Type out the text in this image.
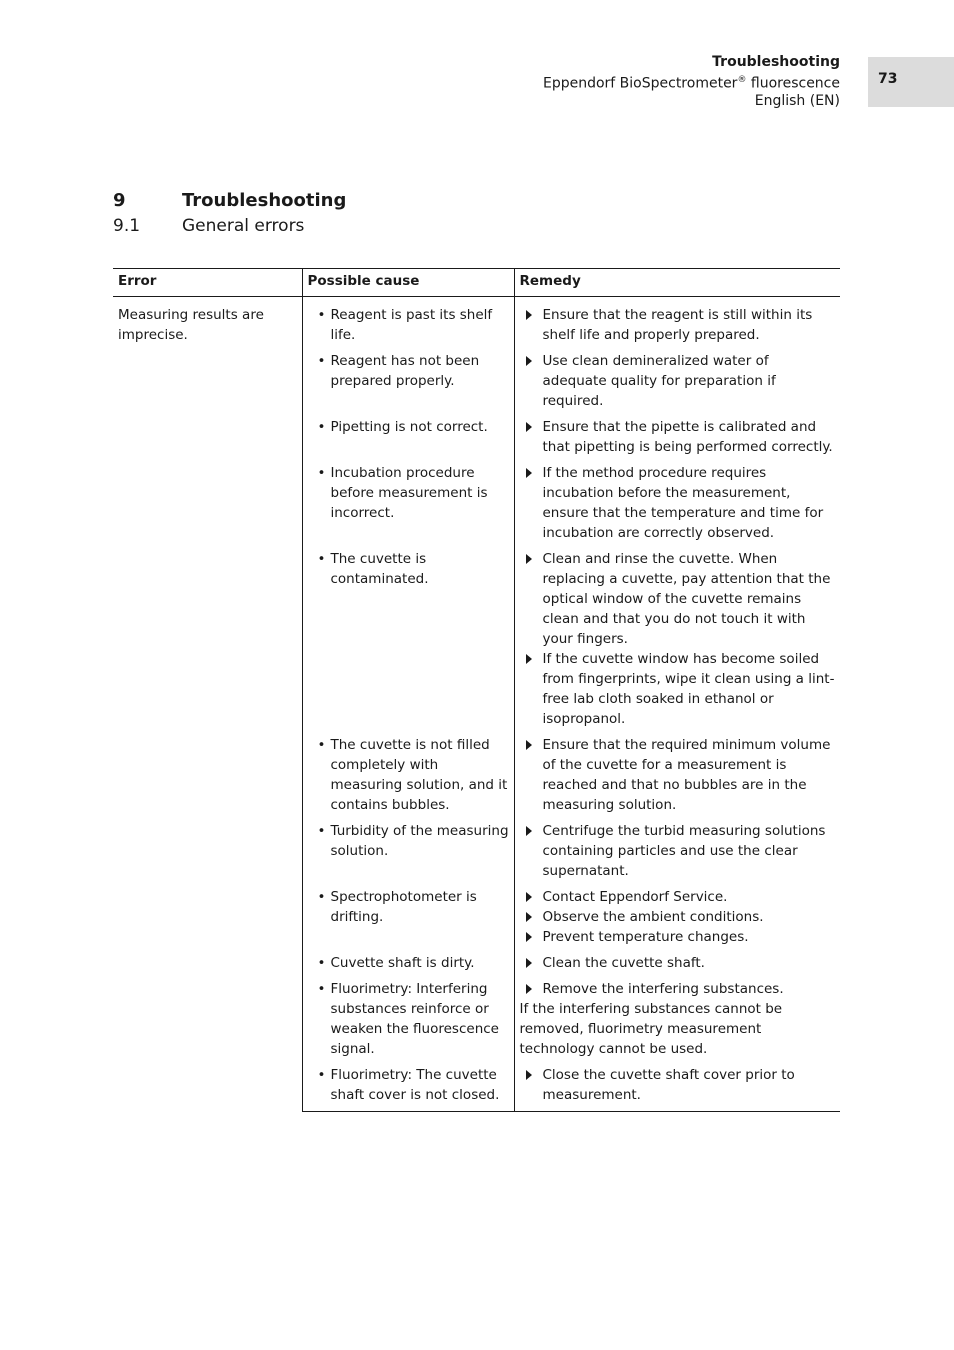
Troubleshooting
Eppendorf BioSpectrometer® fluorescence
English (EN)
73
9	Troubleshooting
9.1 General errors
Error	Possible cause	Remedy
Measuring results are imprecise.	• Reagent is past its shelf life.	Ensure that the reagent is still within its shelf life and properly prepared.

	• Reagent has not been prepared properly.	Use clean demineralized water of adequate quality for preparation if required.

	• Pipetting is not correct.	Ensure that the pipette is calibrated and that pipetting is being performed correctly.

	• Incubation procedure before measurement is incorrect.	If the method procedure requires incubation before the measurement, ensure that the temperature and time for incubation are correctly observed.

	• The cuvette is contaminated.	Clean and rinse the cuvette. When replacing a cuvette, pay attention that the optical window of the cuvette remains clean and that you do not touch it with your fingers.
If the cuvette window has become soiled from fingerprints, wipe it clean using a lint-free lab cloth soaked in ethanol or isopropanol.

	• The cuvette is not filled completely with measuring solution, and it contains bubbles.	Ensure that the required minimum volume of the cuvette for a measurement is reached and that no bubbles are in the measuring solution.

	• Turbidity of the measuring solution.	Centrifuge the turbid measuring solutions containing particles and use the clear supernatant.

	• Spectrophotometer is drifting.	Contact Eppendorf Service.
Observe the ambient conditions.
Prevent temperature changes.

	• Cuvette shaft is dirty.	Clean the cuvette shaft.

	• Fluorimetry: Interfering substances reinforce or weaken the fluorescence signal.	Remove the interfering substances.
If the interfering substances cannot be removed, fluorimetry measurement technology cannot be used.

	• Fluorimetry: The cuvette shaft cover is not closed.	Close the cuvette shaft cover prior to measurement.
